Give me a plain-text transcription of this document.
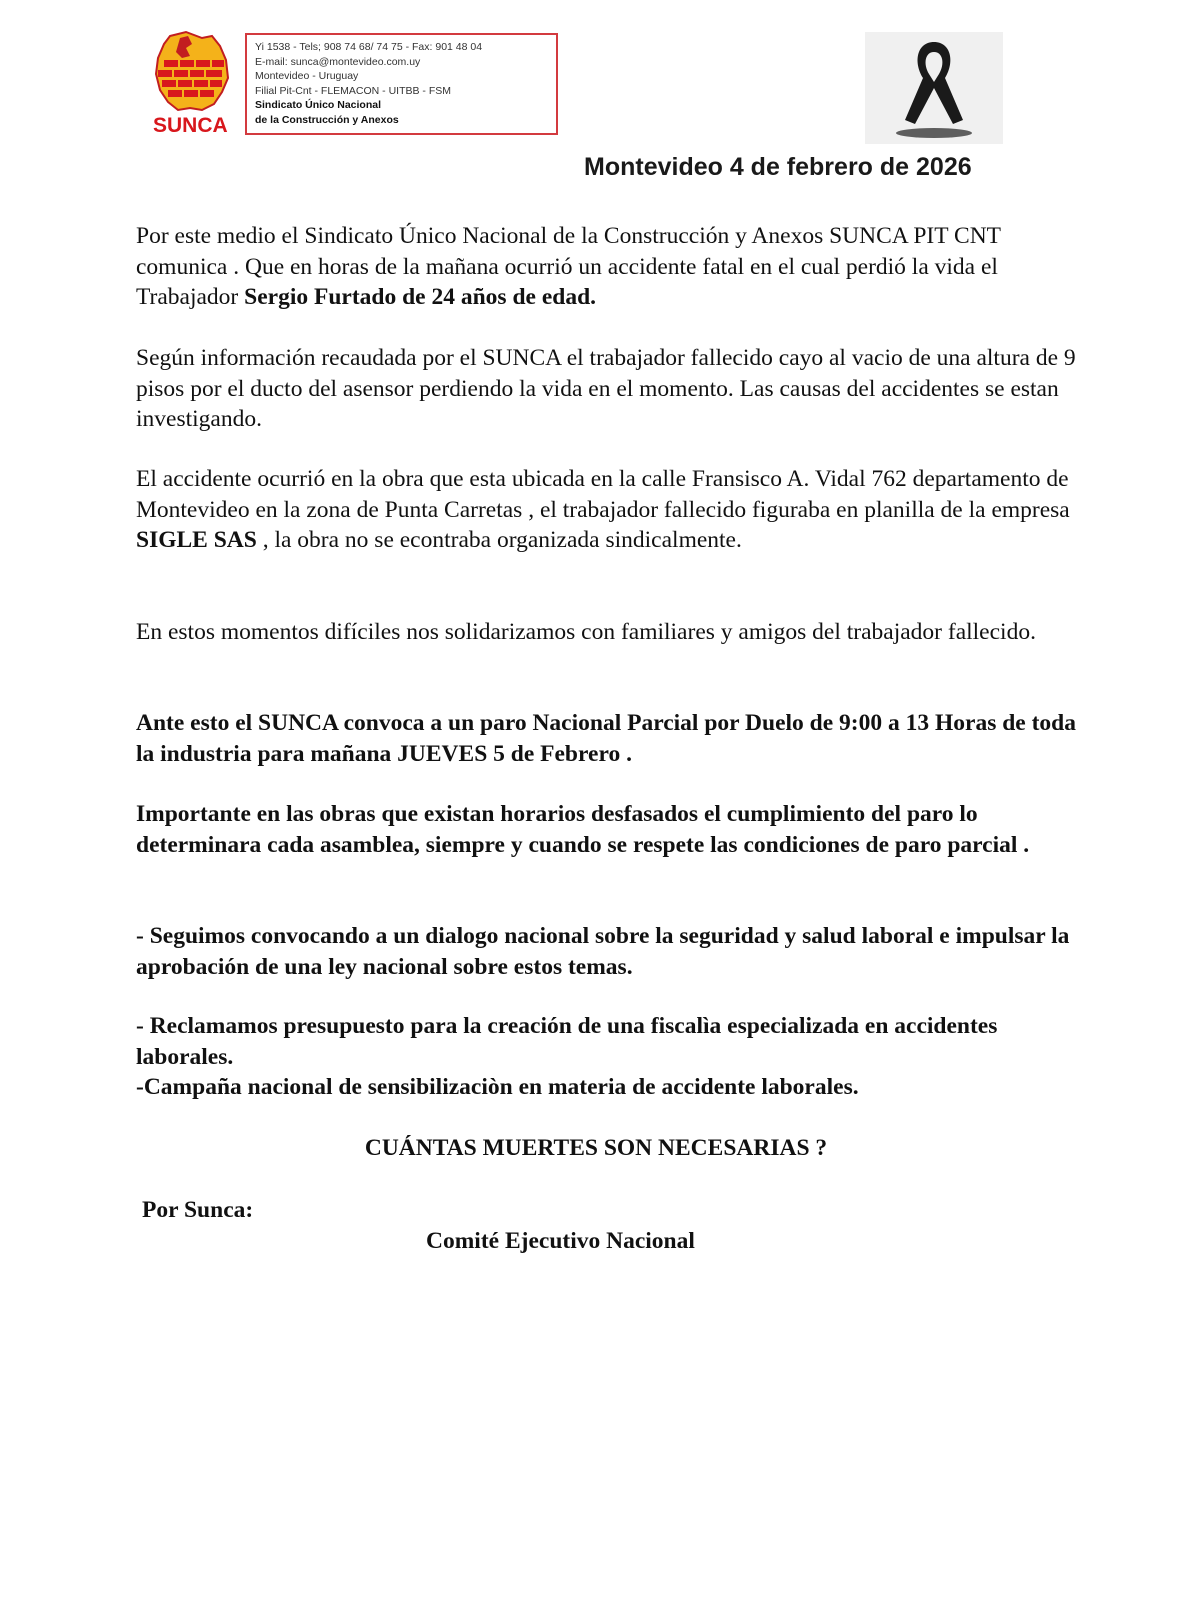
SUNCA
Yi 1538 - Tels; 908 74 68/ 74 75 - Fax: 901 48 04
E-mail: sunca@montevideo.com.uy
Montevideo - Uruguay
Filial Pit-Cnt - FLEMACON - UITBB - FSM
Sindicato Único Nacional
de la Construcción y Anexos
Montevideo 4 de febrero de 2026

Por este medio el Sindicato Único Nacional de la Construcción y Anexos SUNCA PIT CNT comunica . Que en horas de la mañana ocurrió un accidente fatal en el cual perdió la vida el Trabajador Sergio Furtado de 24 años de edad.

Según información recaudada por el SUNCA el trabajador fallecido cayo al vacio de una altura de 9 pisos por el ducto del asensor perdiendo la vida en el momento. Las causas del accidentes se estan investigando.

El accidente ocurrió en la obra que esta ubicada en la calle Fransisco A. Vidal 762 departamento de Montevideo en la zona de Punta Carretas , el trabajador fallecido figuraba en planilla de la empresa SIGLE SAS , la obra no se econtraba organizada sindicalmente.

En estos momentos difíciles nos solidarizamos con familiares y amigos del trabajador fallecido.

Ante esto el SUNCA convoca a un paro Nacional Parcial por Duelo de 9:00 a 13 Horas de toda la industria para mañana JUEVES 5 de Febrero .

Importante en las obras que existan horarios desfasados el cumplimiento del paro lo determinara cada asamblea, siempre y cuando se respete las condiciones de paro parcial .

- Seguimos convocando a un dialogo nacional sobre la seguridad y salud laboral e impulsar la aprobación de una ley nacional sobre estos temas.

- Reclamamos presupuesto para la creación de una fiscalìa especializada en accidentes laborales.

-Campaña nacional de sensibilizaciòn en materia de accidente laborales.

CUÁNTAS MUERTES SON NECESARIAS ?

Por Sunca:

Comité Ejecutivo Nacional
